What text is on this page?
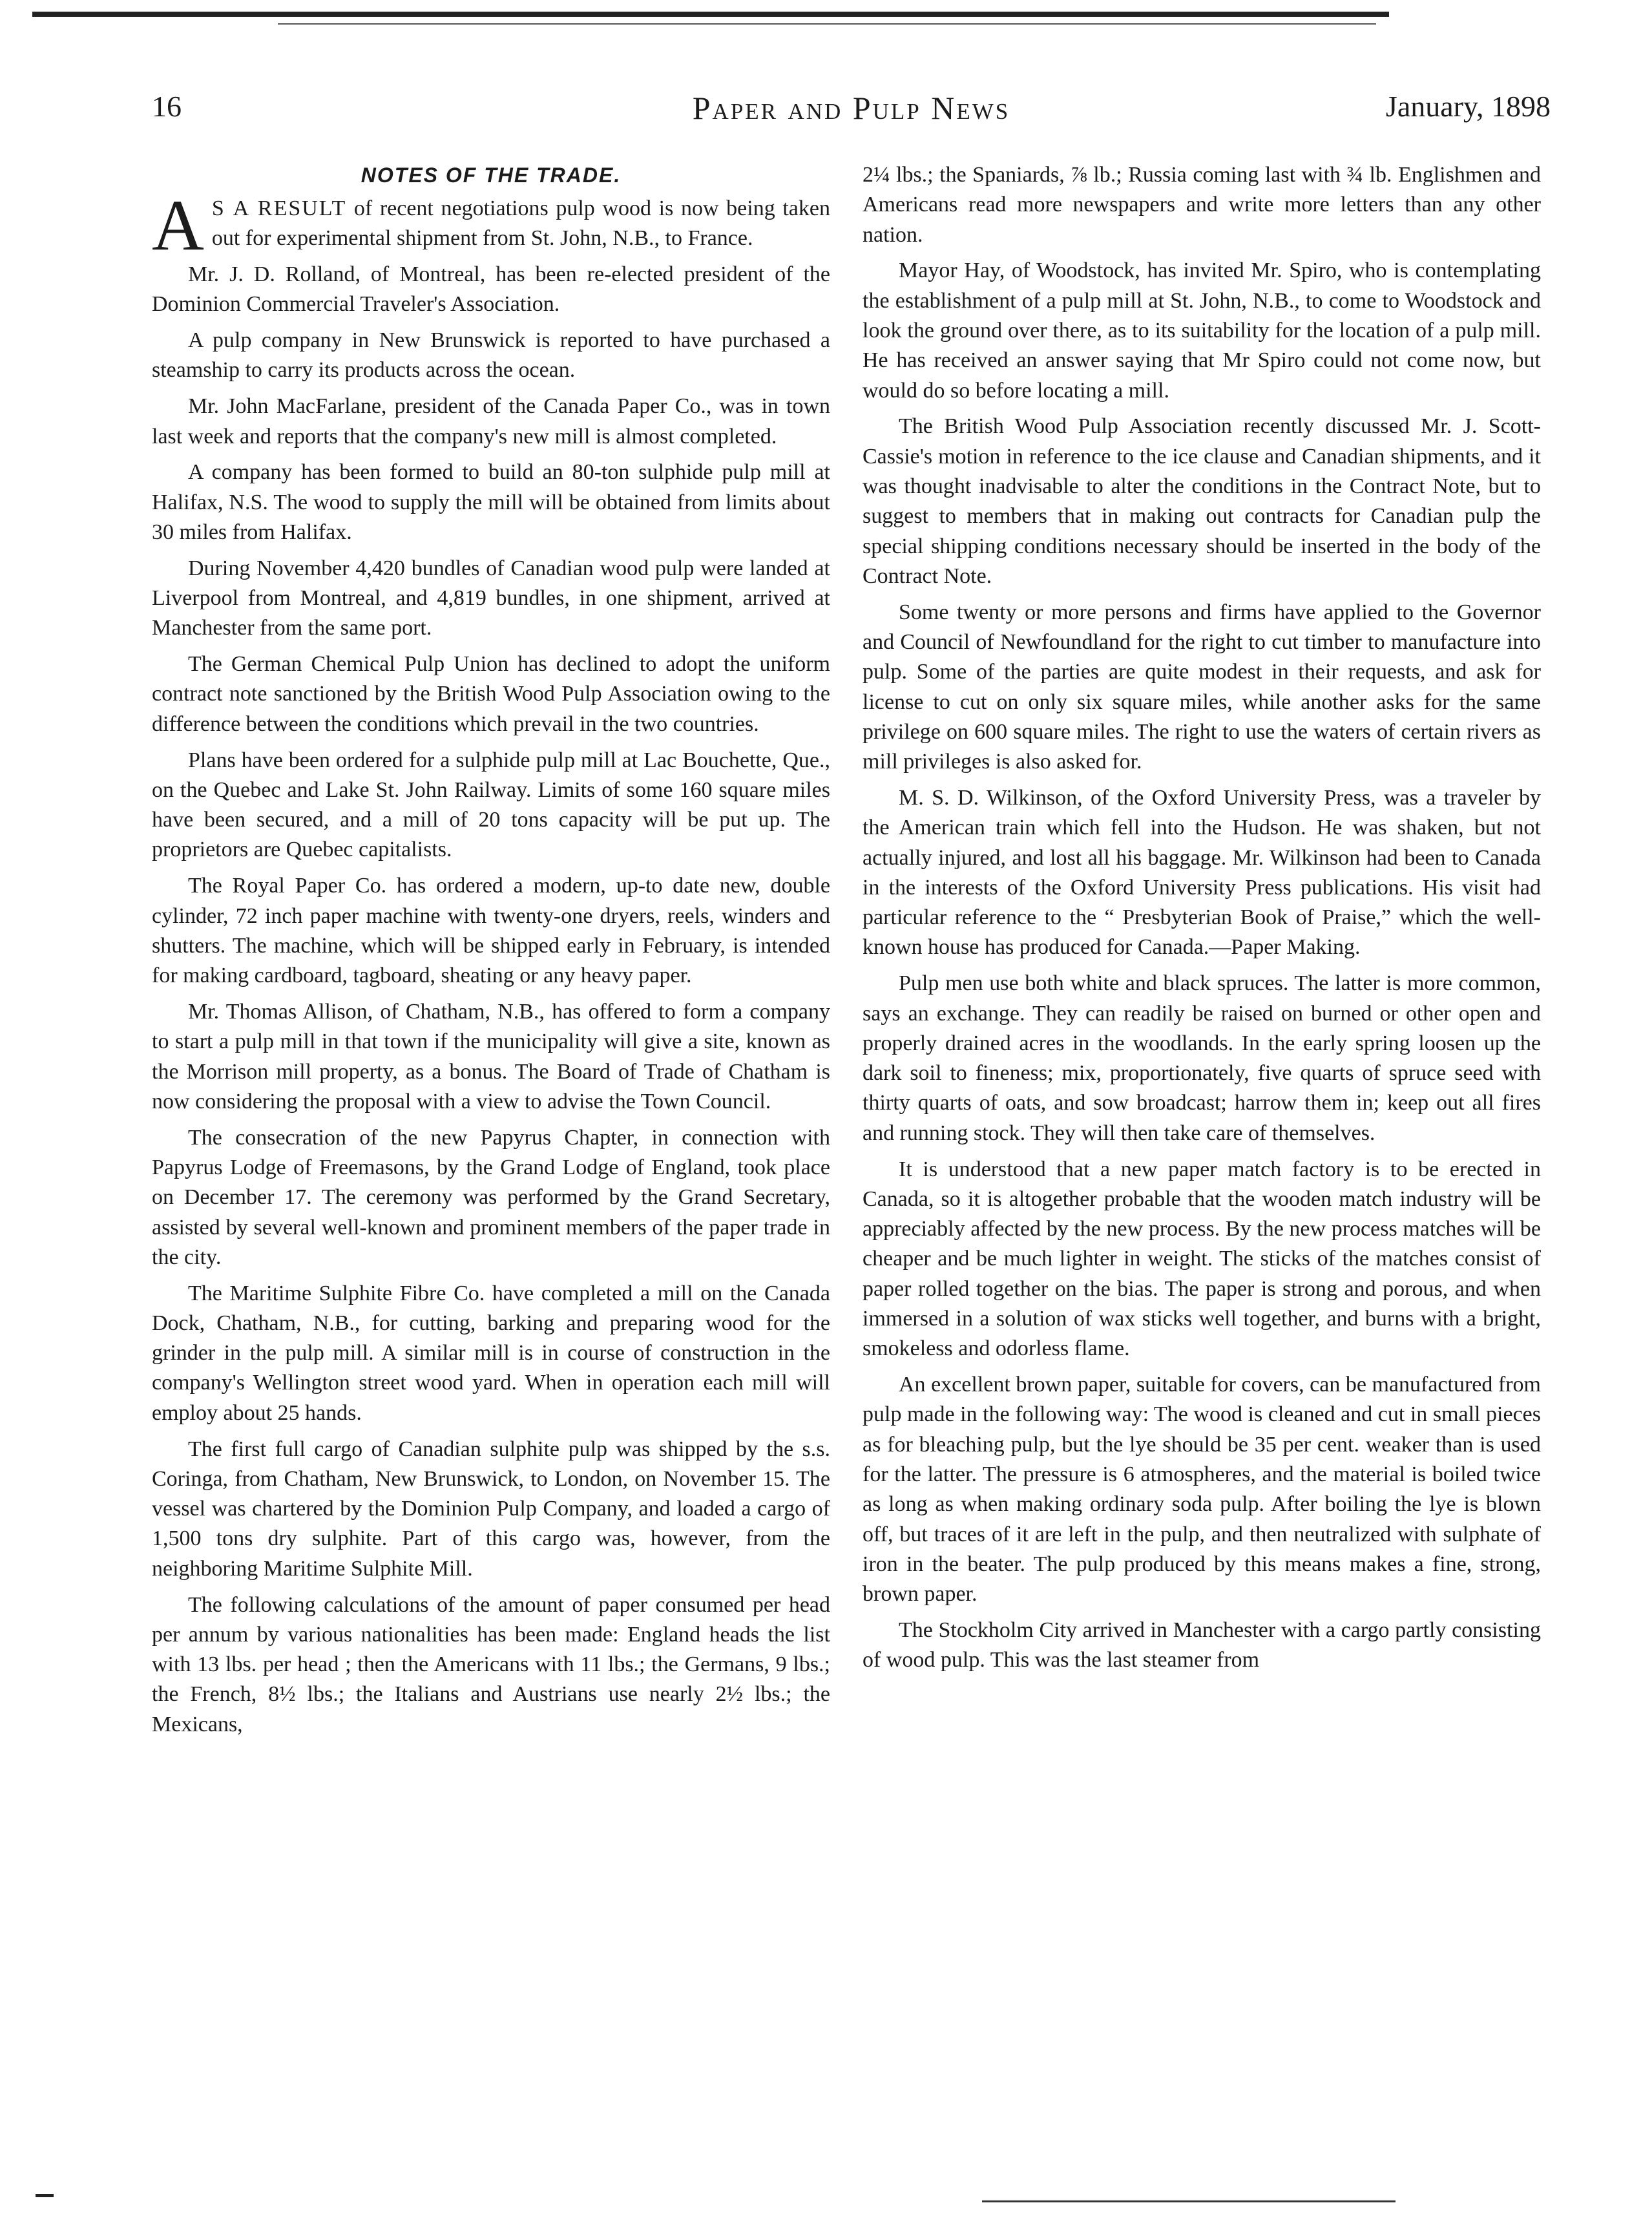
16	Paper and Pulp News	January, 1898
NOTES OF THE TRADE.

A S A RESULT of recent negotiations pulp wood is now being taken out for experimental shipment from St. John, N.B., to France.

Mr. J. D. Rolland, of Montreal, has been re-elected president of the Dominion Commercial Traveler's Association.

A pulp company in New Brunswick is reported to have purchased a steamship to carry its products across the ocean.

Mr. John MacFarlane, president of the Canada Paper Co., was in town last week and reports that the company's new mill is almost completed.

A company has been formed to build an 80-ton sulphide pulp mill at Halifax, N.S. The wood to supply the mill will be obtained from limits about 30 miles from Halifax.

During November 4,420 bundles of Canadian wood pulp were landed at Liverpool from Montreal, and 4,819 bundles, in one shipment, arrived at Manchester from the same port.

The German Chemical Pulp Union has declined to adopt the uniform contract note sanctioned by the British Wood Pulp Association owing to the difference between the conditions which prevail in the two countries.

Plans have been ordered for a sulphide pulp mill at Lac Bouchette, Que., on the Quebec and Lake St. John Railway. Limits of some 160 square miles have been secured, and a mill of 20 tons capacity will be put up. The proprietors are Quebec capitalists.

The Royal Paper Co. has ordered a modern, up-to date new, double cylinder, 72 inch paper machine with twenty-one dryers, reels, winders and shutters. The machine, which will be shipped early in February, is intended for making cardboard, tagboard, sheating or any heavy paper.

Mr. Thomas Allison, of Chatham, N.B., has offered to form a company to start a pulp mill in that town if the municipality will give a site, known as the Morrison mill property, as a bonus. The Board of Trade of Chatham is now considering the proposal with a view to advise the Town Council.

The consecration of the new Papyrus Chapter, in connection with Papyrus Lodge of Freemasons, by the Grand Lodge of England, took place on December 17. The ceremony was performed by the Grand Secretary, assisted by several well-known and prominent members of the paper trade in the city.

The Maritime Sulphite Fibre Co. have completed a mill on the Canada Dock, Chatham, N.B., for cutting, barking and preparing wood for the grinder in the pulp mill. A similar mill is in course of construction in the company's Wellington street wood yard. When in operation each mill will employ about 25 hands.

The first full cargo of Canadian sulphite pulp was shipped by the s.s. Coringa, from Chatham, New Brunswick, to London, on November 15. The vessel was chartered by the Dominion Pulp Company, and loaded a cargo of 1,500 tons dry sulphite. Part of this cargo was, however, from the neighboring Maritime Sulphite Mill.

The following calculations of the amount of paper consumed per head per annum by various nationalities has been made: England heads the list with 13 lbs. per head ; then the Americans with 11 lbs.; the Germans, 9 lbs.; the French, 8½ lbs.; the Italians and Austrians use nearly 2½ lbs.; the Mexicans,

2¼ lbs.; the Spaniards, ⅞ lb.; Russia coming last with ¾ lb. Englishmen and Americans read more newspapers and write more letters than any other nation.

Mayor Hay, of Woodstock, has invited Mr. Spiro, who is contemplating the establishment of a pulp mill at St. John, N.B., to come to Woodstock and look the ground over there, as to its suitability for the location of a pulp mill. He has received an answer saying that Mr Spiro could not come now, but would do so before locating a mill.

The British Wood Pulp Association recently discussed Mr. J. Scott-Cassie's motion in reference to the ice clause and Canadian shipments, and it was thought inadvisable to alter the conditions in the Contract Note, but to suggest to members that in making out contracts for Canadian pulp the special shipping conditions necessary should be inserted in the body of the Contract Note.

Some twenty or more persons and firms have applied to the Governor and Council of Newfoundland for the right to cut timber to manufacture into pulp. Some of the parties are quite modest in their requests, and ask for license to cut on only six square miles, while another asks for the same privilege on 600 square miles. The right to use the waters of certain rivers as mill privileges is also asked for.

M. S. D. Wilkinson, of the Oxford University Press, was a traveler by the American train which fell into the Hudson. He was shaken, but not actually injured, and lost all his baggage. Mr. Wilkinson had been to Canada in the interests of the Oxford University Press publications. His visit had particular reference to the “ Presbyterian Book of Praise,” which the well-known house has produced for Canada.—Paper Making.

Pulp men use both white and black spruces. The latter is more common, says an exchange. They can readily be raised on burned or other open and properly drained acres in the woodlands. In the early spring loosen up the dark soil to fineness; mix, proportionately, five quarts of spruce seed with thirty quarts of oats, and sow broadcast; harrow them in; keep out all fires and running stock. They will then take care of themselves.

It is understood that a new paper match factory is to be erected in Canada, so it is altogether probable that the wooden match industry will be appreciably affected by the new process. By the new process matches will be cheaper and be much lighter in weight. The sticks of the matches consist of paper rolled together on the bias. The paper is strong and porous, and when immersed in a solution of wax sticks well together, and burns with a bright, smokeless and odorless flame.

An excellent brown paper, suitable for covers, can be manufactured from pulp made in the following way: The wood is cleaned and cut in small pieces as for bleaching pulp, but the lye should be 35 per cent. weaker than is used for the latter. The pressure is 6 atmospheres, and the material is boiled twice as long as when making ordinary soda pulp. After boiling the lye is blown off, but traces of it are left in the pulp, and then neutralized with sulphate of iron in the beater. The pulp produced by this means makes a fine, strong, brown paper.

The Stockholm City arrived in Manchester with a cargo partly consisting of wood pulp. This was the last steamer from
